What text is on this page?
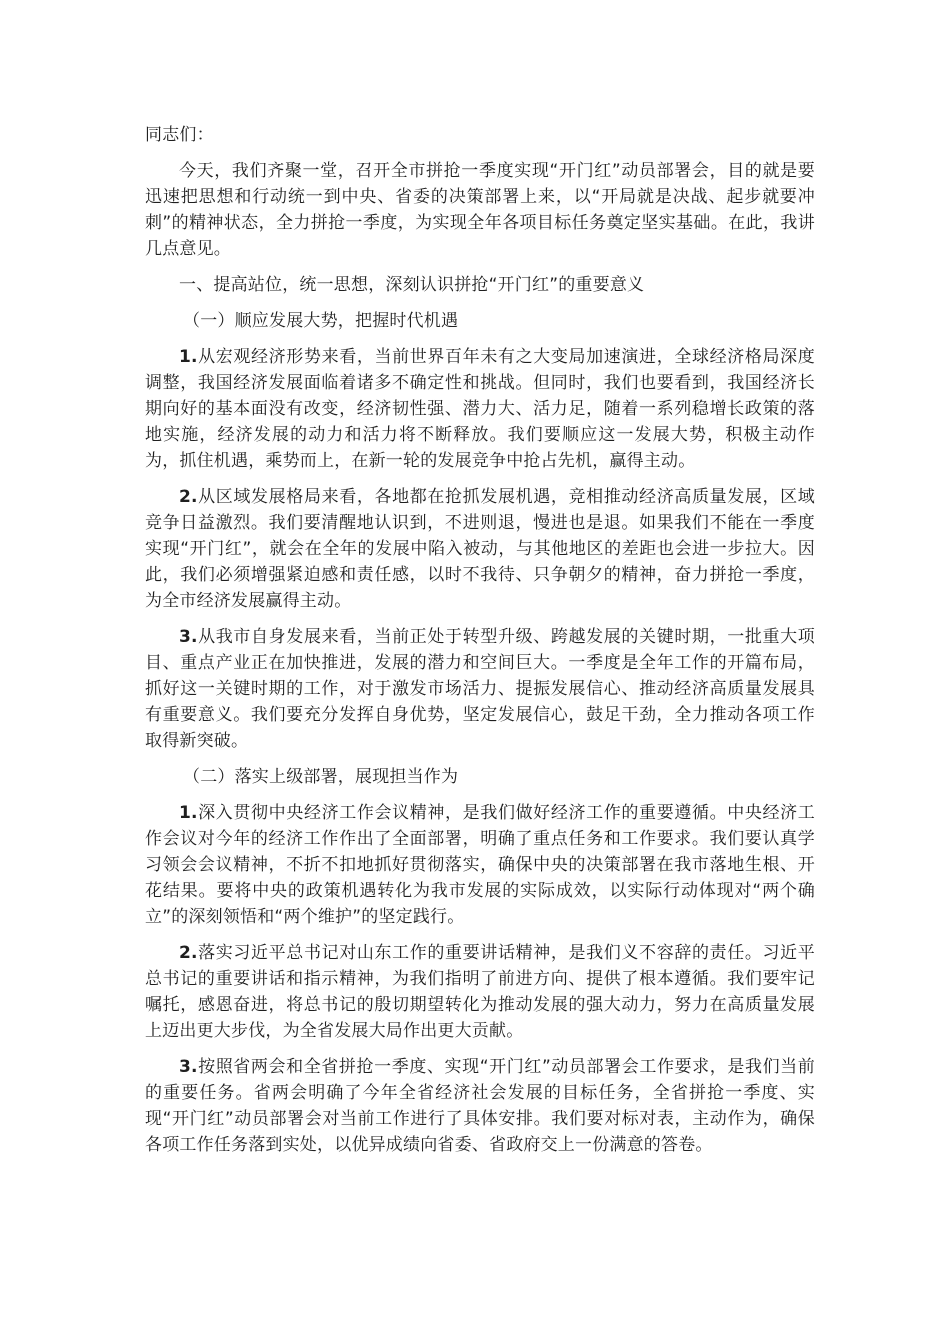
同志们：

今天，我们齐聚一堂，召开全市拼抢一季度实现“开门红”动员部署会，目的就是要迅速把思想和行动统一到中央、省委的决策部署上来，以“开局就是决战、起步就要冲刺”的精神状态，全力拼抢一季度，为实现全年各项目标任务奠定坚实基础。在此，我讲几点意见。

一、提高站位，统一思想，深刻认识拼抢“开门红”的重要意义

（一）顺应发展大势，把握时代机遇

1.从宏观经济形势来看，当前世界百年未有之大变局加速演进，全球经济格局深度调整，我国经济发展面临着诸多不确定性和挑战。但同时，我们也要看到，我国经济长期向好的基本面没有改变，经济韧性强、潜力大、活力足，随着一系列稳增长政策的落地实施，经济发展的动力和活力将不断释放。我们要顺应这一发展大势，积极主动作为，抓住机遇，乘势而上，在新一轮的发展竞争中抢占先机，赢得主动。

2.从区域发展格局来看，各地都在抢抓发展机遇，竞相推动经济高质量发展，区域竞争日益激烈。我们要清醒地认识到，不进则退，慢进也是退。如果我们不能在一季度实现“开门红”，就会在全年的发展中陷入被动，与其他地区的差距也会进一步拉大。因此，我们必须增强紧迫感和责任感，以时不我待、只争朝夕的精神，奋力拼抢一季度，为全市经济发展赢得主动。

3.从我市自身发展来看，当前正处于转型升级、跨越发展的关键时期，一批重大项目、重点产业正在加快推进，发展的潜力和空间巨大。一季度是全年工作的开篇布局，抓好这一关键时期的工作，对于激发市场活力、提振发展信心、推动经济高质量发展具有重要意义。我们要充分发挥自身优势，坚定发展信心，鼓足干劲，全力推动各项工作取得新突破。

（二）落实上级部署，展现担当作为

1.深入贯彻中央经济工作会议精神，是我们做好经济工作的重要遵循。中央经济工作会议对今年的经济工作作出了全面部署，明确了重点任务和工作要求。我们要认真学习领会会议精神，不折不扣地抓好贯彻落实，确保中央的决策部署在我市落地生根、开花结果。要将中央的政策机遇转化为我市发展的实际成效，以实际行动体现对“两个确立”的深刻领悟和“两个维护”的坚定践行。

2.落实习近平总书记对山东工作的重要讲话精神，是我们义不容辞的责任。习近平总书记的重要讲话和指示精神，为我们指明了前进方向、提供了根本遵循。我们要牢记嘱托，感恩奋进，将总书记的殷切期望转化为推动发展的强大动力，努力在高质量发展上迈出更大步伐，为全省发展大局作出更大贡献。

3.按照省两会和全省拼抢一季度、实现“开门红”动员部署会工作要求，是我们当前的重要任务。省两会明确了今年全省经济社会发展的目标任务，全省拼抢一季度、实现“开门红”动员部署会对当前工作进行了具体安排。我们要对标对表，主动作为，确保各项工作任务落到实处，以优异成绩向省委、省政府交上一份满意的答卷。
